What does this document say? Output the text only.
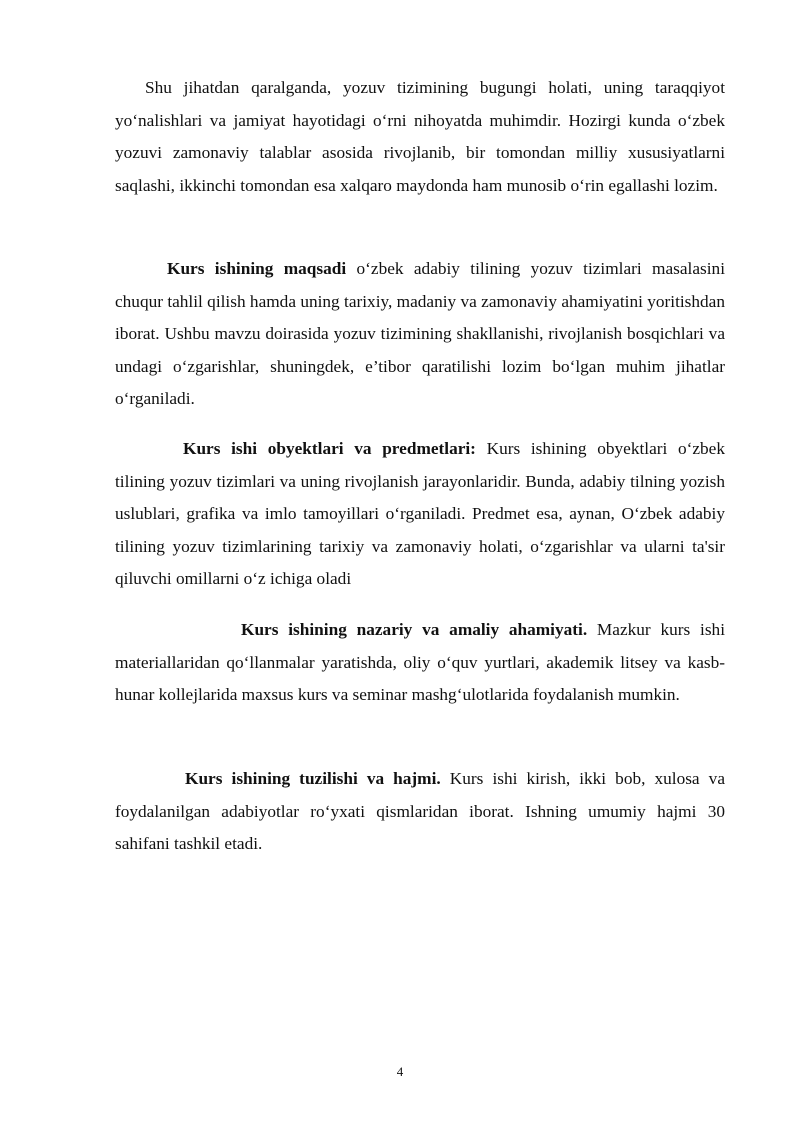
Shu jihatdan qaralganda, yozuv tizimining bugungi holati, uning taraqqiyot yo‘nalishlari va jamiyat hayotidagi o‘rni nihoyatda muhimdir. Hozirgi kunda o‘zbek yozuvi zamonaviy talablar asosida rivojlanib, bir tomondan milliy xususiyatlarni saqlashi, ikkinchi tomondan esa xalqaro maydonda ham munosib o‘rin egallashi lozim.

Kurs ishining maqsadi o‘zbek adabiy tilining yozuv tizimlari masalasini chuqur tahlil qilish hamda uning tarixiy, madaniy va zamonaviy ahamiyatini yoritishdan iborat. Ushbu mavzu doirasida yozuv tizimining shakllanishi, rivojlanish bosqichlari va undagi o‘zgarishlar, shuningdek, e’tibor qaratilishi lozim bo‘lgan muhim jihatlar o‘rganiladi.

Kurs ishi obyektlari va predmetlari: Kurs ishining obyektlari o‘zbek tilining yozuv tizimlari va uning rivojlanish jarayonlaridir. Bunda, adabiy tilning yozish uslublari, grafika va imlo tamoyillari o‘rganiladi. Predmet esa, aynan, O‘zbek adabiy tilining yozuv tizimlarining tarixiy va zamonaviy holati, o‘zgarishlar va ularni ta'sir qiluvchi omillarni o‘z ichiga oladi

Kurs ishining nazariy va amaliy ahamiyati. Mazkur kurs ishi materiallaridan qo‘llanmalar yaratishda, oliy o‘quv yurtlari, akademik litsey va kasb-hunar kollejlarida maxsus kurs va seminar mashg‘ulotlarida foydalanish mumkin.

Kurs ishining tuzilishi va hajmi. Kurs ishi kirish, ikki bob, xulosa va foydalanilgan adabiyotlar ro‘yxati qismlaridan iborat. Ishning umumiy hajmi 30 sahifani tashkil etadi.

4
